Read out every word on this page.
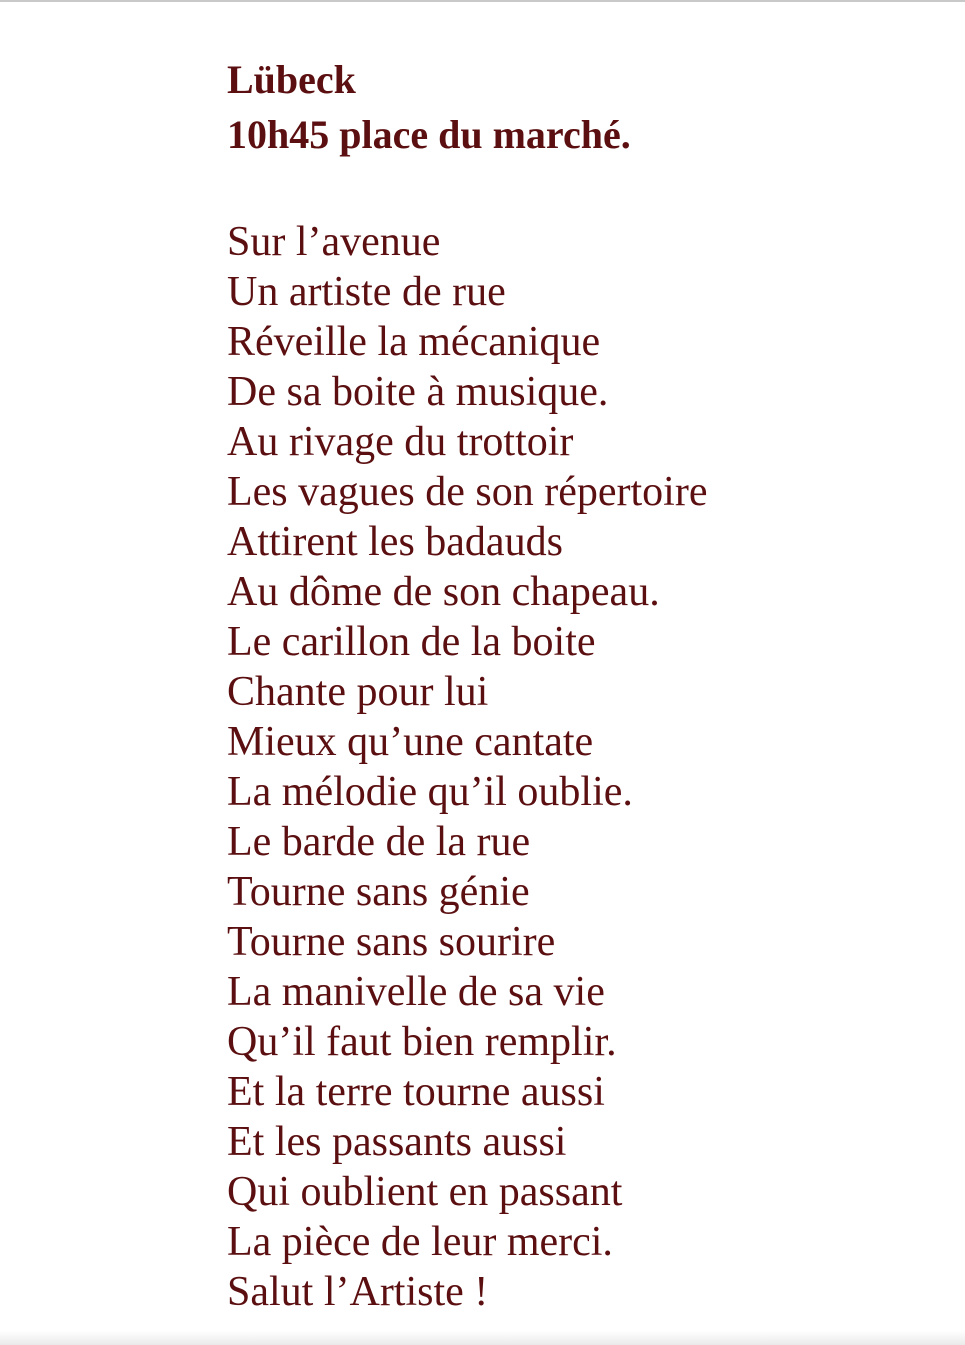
Lübeck
10h45 place du marché.
Sur l’avenue
Un artiste de rue
Réveille la mécanique
De sa boite à musique.
Au rivage du trottoir
Les vagues de son répertoire
Attirent les badauds
Au dôme de son chapeau.
Le carillon de la boite
Chante pour lui
Mieux qu’une cantate
La mélodie qu’il oublie.
Le barde de la rue
Tourne sans génie
Tourne sans sourire
La manivelle de sa vie
Qu’il faut bien remplir.
Et la terre tourne aussi
Et les passants aussi
Qui oublient en passant
La pièce de leur merci.
Salut l’Artiste !
